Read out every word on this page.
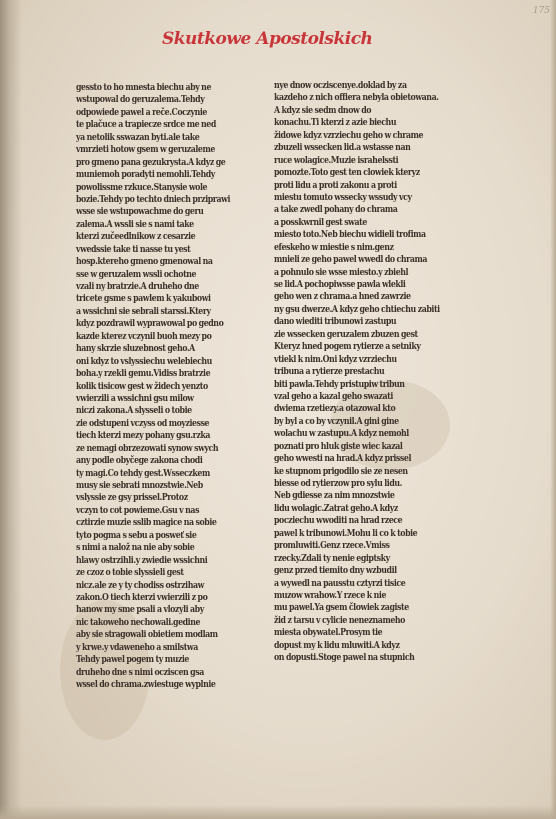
175
Skutkowe Apostolskich
gessto to ho mnesta biechu aby ne
wstupowal do geruzalema.Tehdy
odpowiede pawel a reče.Coczynie
te plačuce a trapiecze srdce me ned
ya netolik sswazan byti.ale take
vmrzieti hotow gsem w geruzaleme
pro gmeno pana gezukrysta.A kdyz ge
muniemoh poradyti nemohli.Tehdy
powolissme rzkuce.Stanysie wole
bozie.Tehdy po techto dniech prziprawi
wsse sie wstupowachme do geru
zalema.A wssli sie s nami take
kterzi zučeedlnikow z cesarzie
vwedssie take ti nasse tu yest
hosp.ktereho gmeno gmenowal na
sse w geruzalem wssli ochotne
vzali ny bratrzie.A druheho dne
tricete gsme s pawlem k yakubowi
a wssichni sie sebrali starssi.Ktery
kdyz pozdrawil wyprawowal po gedno
kazde kterez vczynil buoh mezy po
hany skrzie sluzebnost geho.A
oni kdyz to vslyssiechu welebiechu
boha.y rzekli gemu.Vidiss bratrzie
kolik tisicow gest w židech yenzto
vwierzili a wssichni gsu milow
niczi zakona.A slysseli o tobie
zie odstupeni vczyss od moyziesse
tiech kterzi mezy pohany gsu.rzka
ze nemagi obrzezowati synow swych
any podle obyčege zakona chodi
ty magi.Co tehdy gest.Wsseczkem
musy sie sebrati mnozstwie.Neb
vslyssie ze gsy prissel.Protoz
vczyn to cot powieme.Gsu v nas
cztirzie muzie sslib magice na sobie
tyto pogma s sebu a posweť sie
s nimi a nalož na nie aby sobie
hlawy ostrzihli.y zwiedie wssichni
ze czoz o tobie slyssieli gest
nicz.ale ze y ty chodiss ostrzihaw
zakon.O tiech kterzi vwierzili z po
hanow my sme psali a vlozyli aby
nic takoweho nechowali.gedine
aby sie stragowali obietiem modlam
y krwe.y vdaweneho a smilstwa
Tehdy pawel pogem ty muzie
druheho dne s nimi ocziscen gsa
wssel do chrama.zwiestuge wyplnie
nye dnow ocziscenye.doklad by za
kazdeho z nich offiera nebyla obietowana.
A kdyz sie sedm dnow do
konachu.Ti kterzi z azie biechu
židowe kdyz vzrziechu geho w chrame
zbuzeli wssecken lid.a wstasse nan
ruce wolagice.Muzie israhelssti
pomozte.Toto gest ten clowiek kteryz
proti lidu a proti zakonu a proti
miestu tomuto wssecky wssudy vcy
a take zwedl pohany do chrama
a posskwrnil gest swate
miesto toto.Neb biechu widieli trofima
efeskeho w miestie s nim.genz
mnieli ze geho pawel wwedl do chrama
a pohnulo sie wsse miesto.y zbiehl
se lid.A pochopiwsse pawla wlekli
geho wen z chrama.a hned zawrzie
ny gsu dwerze.A kdyz geho chtiechu zabiti
dano wiediti tribunowi zastupu
zie wssecken geruzalem zbuzen gest
Kteryz hned pogem rytierze a setniky
vtiekl k nim.Oni kdyz vzrziechu
tribuna a rytierze prestachu
biti pawla.Tehdy pristupiw tribun
vzal geho a kazal geho swazati
dwiema rzetiezy.a otazowal kto
by byl a co by vczynil.A gini gine
wolachu w zastupu.A kdyz nemohl
poznati pro hluk giste wiec kazal
geho wwesti na hrad.A kdyz prissel
ke stupnom prigodilo sie ze nesen
biesse od rytierzow pro sylu lidu.
Neb gdiesse za nim mnozstwie
lidu wolagic.Zatrat geho.A kdyz
pocziechu wwoditi na hrad rzece
pawel k tribunowi.Mohu li co k tobie
promluwiti.Genz rzece.Vmiss
rzecky.Zdali ty nenie egiptsky
genz przed tiemito dny wzbudil
a wywedl na pausstu cztyrzi tisice
muzow wrahow.Y rzece k nie
mu pawel.Ya gsem člowiek zagiste
žid z tarsu v cylicie neneznameho
miesta obywatel.Prosym tie
dopust my k lidu mluwiti.A kdyz
on dopusti.Stoge pawel na stupnich
